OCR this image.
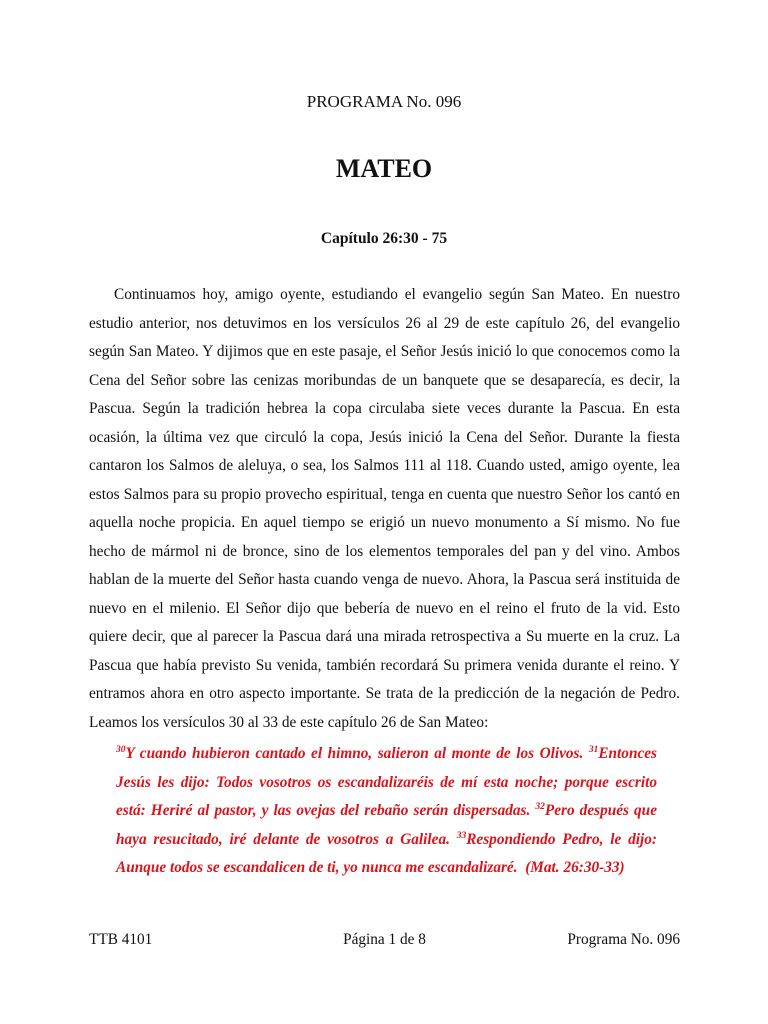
PROGRAMA No. 096
MATEO
Capítulo 26:30 - 75

Continuamos hoy, amigo oyente, estudiando el evangelio según San Mateo. En nuestro estudio anterior, nos detuvimos en los versículos 26 al 29 de este capítulo 26, del evangelio según San Mateo. Y dijimos que en este pasaje, el Señor Jesús inició lo que conocemos como la Cena del Señor sobre las cenizas moribundas de un banquete que se desaparecía, es decir, la Pascua. Según la tradición hebrea la copa circulaba siete veces durante la Pascua. En esta ocasión, la última vez que circuló la copa, Jesús inició la Cena del Señor. Durante la fiesta cantaron los Salmos de aleluya, o sea, los Salmos 111 al 118. Cuando usted, amigo oyente, lea estos Salmos para su propio provecho espiritual, tenga en cuenta que nuestro Señor los cantó en aquella noche propicia. En aquel tiempo se erigió un nuevo monumento a Sí mismo. No fue hecho de mármol ni de bronce, sino de los elementos temporales del pan y del vino. Ambos hablan de la muerte del Señor hasta cuando venga de nuevo. Ahora, la Pascua será instituida de nuevo en el milenio. El Señor dijo que bebería de nuevo en el reino el fruto de la vid. Esto quiere decir, que al parecer la Pascua dará una mirada retrospectiva a Su muerte en la cruz. La Pascua que había previsto Su venida, también recordará Su primera venida durante el reino. Y entramos ahora en otro aspecto importante. Se trata de la predicción de la negación de Pedro. Leamos los versículos 30 al 33 de este capítulo 26 de San Mateo:

$^{30}$Y cuando hubieron cantado el himno, salieron al monte de los Olivos. $^{31}$Entonces Jesús les dijo: Todos vosotros os escandalizaréis de mí esta noche; porque escrito está: Heriré al pastor, y las ovejas del rebaño serán dispersadas. $^{32}$Pero después que haya resucitado, iré delante de vosotros a Galilea. $^{33}$Respondiendo Pedro, le dijo: Aunque todos se escandalicen de ti, yo nunca me escandalizaré. (Mat. 26:30-33)

Página 1 de 8
TTB 4101	Programa No. 096
